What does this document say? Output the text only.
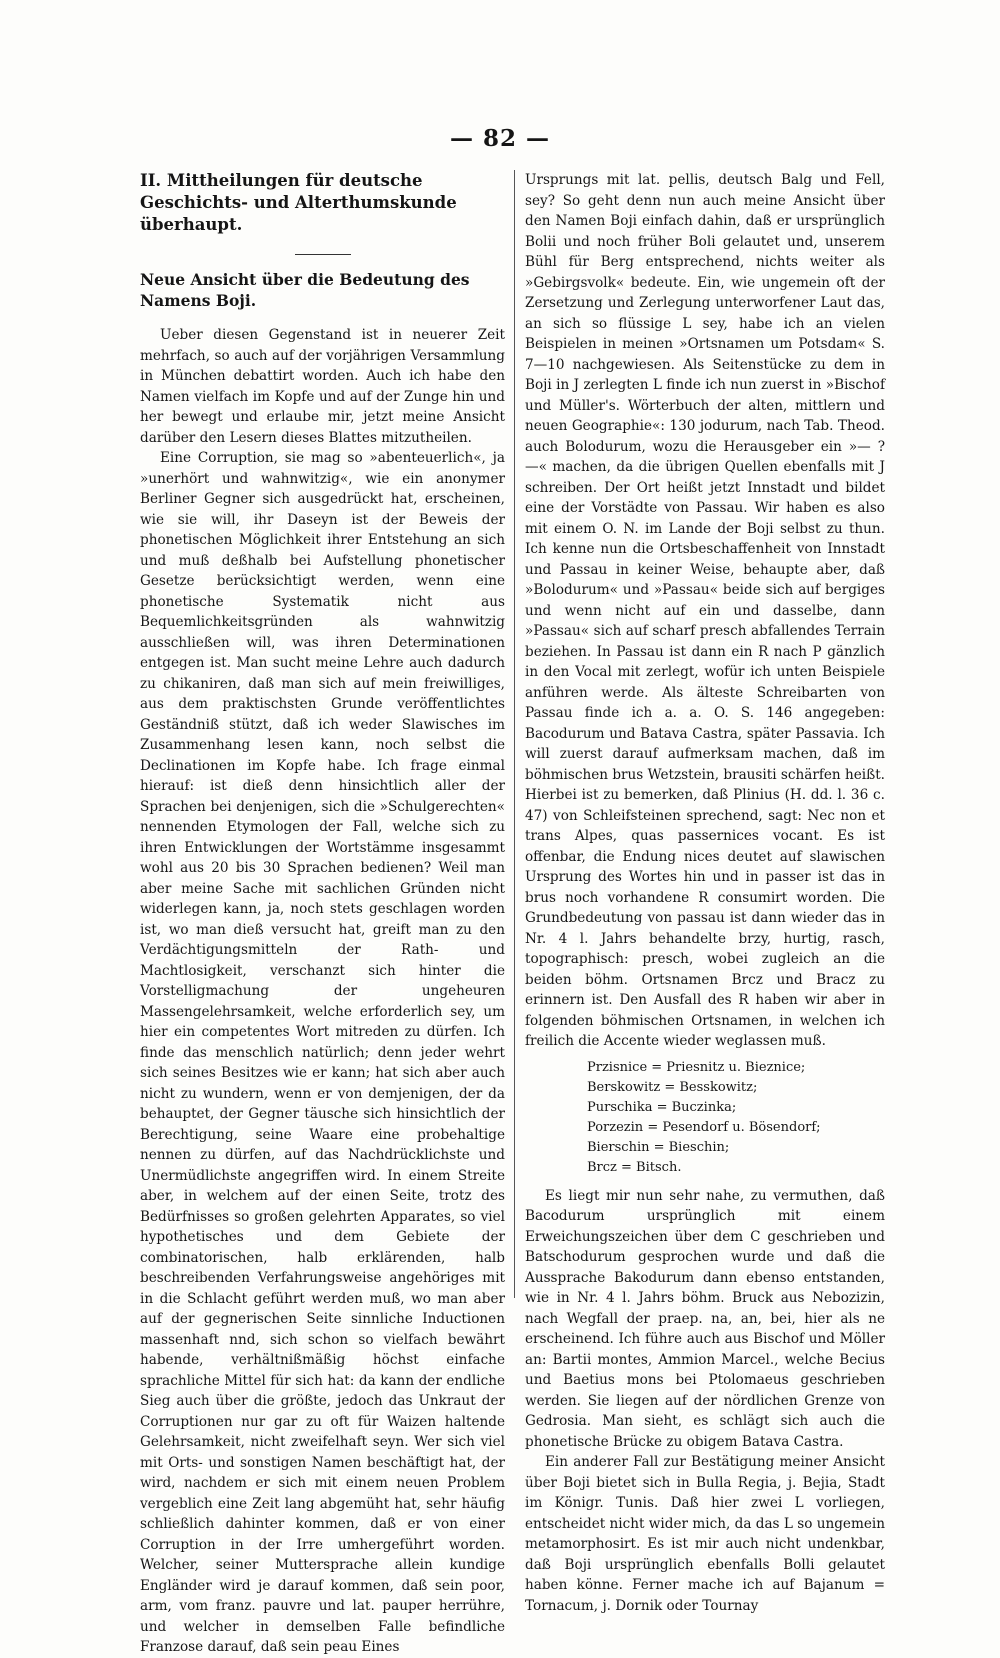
— 82 —
II. Mittheilungen für deutsche Geschichts- und Alterthumskunde überhaupt.
Neue Ansicht über die Bedeutung des Namens Boji.

Ueber diesen Gegenstand ist in neuerer Zeit mehrfach, so auch auf der vorjährigen Versammlung in München debattirt worden. Auch ich habe den Namen vielfach im Kopfe und auf der Zunge hin und her bewegt und erlaube mir, jetzt meine Ansicht darüber den Lesern dieses Blattes mitzutheilen.

Eine Corruption, sie mag so »abenteuerlich«, ja »unerhört und wahnwitzig«, wie ein anonymer Berliner Gegner sich ausgedrückt hat, erscheinen, wie sie will, ihr Daseyn ist der Beweis der phonetischen Möglichkeit ihrer Entstehung an sich und muß deßhalb bei Aufstellung phonetischer Gesetze berücksichtigt werden, wenn eine phonetische Systematik nicht aus Bequemlichkeitsgründen als wahnwitzig ausschließen will, was ihren Determinationen entgegen ist. Man sucht meine Lehre auch dadurch zu chikaniren, daß man sich auf mein freiwilliges, aus dem praktischsten Grunde veröffentlichtes Geständniß stützt, daß ich weder Slawisches im Zusammenhang lesen kann, noch selbst die Declinationen im Kopfe habe. Ich frage einmal hierauf: ist dieß denn hinsichtlich aller der Sprachen bei denjenigen, sich die »Schulgerechten« nennenden Etymologen der Fall, welche sich zu ihren Entwicklungen der Wortstämme insgesammt wohl aus 20 bis 30 Sprachen bedienen? Weil man aber meine Sache mit sachlichen Gründen nicht widerlegen kann, ja, noch stets geschlagen worden ist, wo man dieß versucht hat, greift man zu den Verdächtigungsmitteln der Rath- und Machtlosigkeit, verschanzt sich hinter die Vorstelligmachung der ungeheuren Massengelehrsamkeit, welche erforderlich sey, um hier ein competentes Wort mitreden zu dürfen. Ich finde das menschlich natürlich; denn jeder wehrt sich seines Besitzes wie er kann; hat sich aber auch nicht zu wundern, wenn er von demjenigen, der da behauptet, der Gegner täusche sich hinsichtlich der Berechtigung, seine Waare eine probehaltige nennen zu dürfen, auf das Nachdrücklichste und Unermüdlichste angegriffen wird. In einem Streite aber, in welchem auf der einen Seite, trotz des Bedürfnisses so großen gelehrten Apparates, so viel hypothetisches und dem Gebiete der combinatorischen, halb erklärenden, halb beschreibenden Verfahrungsweise angehöriges mit in die Schlacht geführt werden muß, wo man aber auf der gegnerischen Seite sinnliche Inductionen massenhaft nnd, sich schon so vielfach bewährt habende, verhältnißmäßig höchst einfache sprachliche Mittel für sich hat: da kann der endliche Sieg auch über die größte, jedoch das Unkraut der Corruptionen nur gar zu oft für Waizen haltende Gelehrsamkeit, nicht zweifelhaft seyn. Wer sich viel mit Orts- und sonstigen Namen beschäftigt hat, der wird, nachdem er sich mit einem neuen Problem vergeblich eine Zeit lang abgemüht hat, sehr häufig schließlich dahinter kommen, daß er von einer Corruption in der Irre umhergeführt worden. Welcher, seiner Muttersprache allein kundige Engländer wird je darauf kommen, daß sein poor, arm, vom franz. pauvre und lat. pauper herrühre, und welcher in demselben Falle befindliche Franzose darauf, daß sein peau Eines

Ursprungs mit lat. pellis, deutsch Balg und Fell, sey? So geht denn nun auch meine Ansicht über den Namen Boji einfach dahin, daß er ursprünglich Bolii und noch früher Boli gelautet und, unserem Bühl für Berg entsprechend, nichts weiter als »Gebirgsvolk« bedeute. Ein, wie ungemein oft der Zersetzung und Zerlegung unterworfener Laut das, an sich so flüssige L sey, habe ich an vielen Beispielen in meinen »Ortsnamen um Potsdam« S. 7—10 nachgewiesen. Als Seitenstücke zu dem in Boji in J zerlegten L finde ich nun zuerst in »Bischof und Müller's. Wörterbuch der alten, mittlern und neuen Geographie«: 130 jodurum, nach Tab. Theod. auch Bolodurum, wozu die Herausgeber ein »— ? —« machen, da die übrigen Quellen ebenfalls mit J schreiben. Der Ort heißt jetzt Innstadt und bildet eine der Vorstädte von Passau. Wir haben es also mit einem O. N. im Lande der Boji selbst zu thun. Ich kenne nun die Ortsbeschaffenheit von Innstadt und Passau in keiner Weise, behaupte aber, daß »Bolodurum« und »Passau« beide sich auf bergiges und wenn nicht auf ein und dasselbe, dann »Passau« sich auf scharf presch abfallendes Terrain beziehen. In Passau ist dann ein R nach P gänzlich in den Vocal mit zerlegt, wofür ich unten Beispiele anführen werde. Als älteste Schreibarten von Passau finde ich a. a. O. S. 146 angegeben: Bacodurum und Batava Castra, später Passavia. Ich will zuerst darauf aufmerksam machen, daß im böhmischen brus Wetzstein, brausiti schärfen heißt. Hierbei ist zu bemerken, daß Plinius (H. dd. l. 36 c. 47) von Schleifsteinen sprechend, sagt: Nec non et trans Alpes, quas passernices vocant. Es ist offenbar, die Endung nices deutet auf slawischen Ursprung des Wortes hin und in passer ist das in brus noch vorhandene R consumirt worden. Die Grundbedeutung von passau ist dann wieder das in Nr. 4 l. Jahrs behandelte brzy, hurtig, rasch, topographisch: presch, wobei zugleich an die beiden böhm. Ortsnamen Brcz und Bracz zu erinnern ist. Den Ausfall des R haben wir aber in folgenden böhmischen Ortsnamen, in welchen ich freilich die Accente wieder weglassen muß.

Przisnice = Priesnitz u. Bieznice;
Berskowitz = Besskowitz;
Purschika = Buczinka;
Porzezin = Pesendorf u. Bösendorf;
Bierschin = Bieschin;
Brcz = Bitsch.

Es liegt mir nun sehr nahe, zu vermuthen, daß Bacodurum ursprünglich mit einem Erweichungszeichen über dem C geschrieben und Batschodurum gesprochen wurde und daß die Aussprache Bakodurum dann ebenso entstanden, wie in Nr. 4 l. Jahrs böhm. Bruck aus Nebozizin, nach Wegfall der praep. na, an, bei, hier als ne erscheinend. Ich führe auch aus Bischof und Möller an: Bartii montes, Ammion Marcel., welche Becius und Baetius mons bei Ptolomaeus geschrieben werden. Sie liegen auf der nördlichen Grenze von Gedrosia. Man sieht, es schlägt sich auch die phonetische Brücke zu obigem Batava Castra.

Ein anderer Fall zur Bestätigung meiner Ansicht über Boji bietet sich in Bulla Regia, j. Bejia, Stadt im Königr. Tunis. Daß hier zwei L vorliegen, entscheidet nicht wider mich, da das L so ungemein metamorphosirt. Es ist mir auch nicht undenkbar, daß Boji ursprünglich ebenfalls Bolli gelautet haben könne. Ferner mache ich auf Bajanum = Tornacum, j. Dornik oder Tournay
